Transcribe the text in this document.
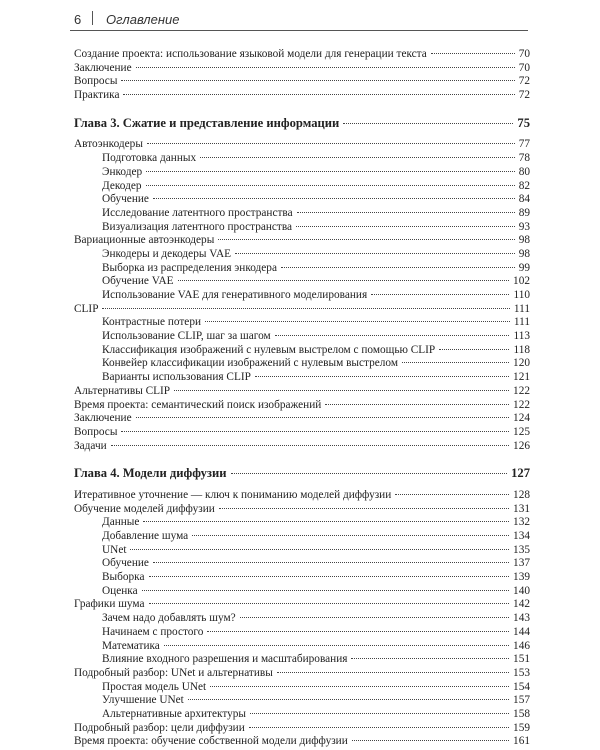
6 Оглавление
Создание проекта: использование языковой модели для генерации текста	70
Заключение	70
Вопросы	72
Практика	72
Глава 3. Сжатие и представление информации	75
Автоэнкодеры	77
Подготовка данных	78
Энкодер	80
Декодер	82
Обучение	84
Исследование латентного пространства	89
Визуализация латентного пространства	93
Вариационные автоэнкодеры	98
Энкодеры и декодеры VAE	98
Выборка из распределения энкодера	99
Обучение VAE	102
Использование VAE для генеративного моделирования	110
CLIP	111
Контрастные потери	111
Использование CLIP, шаг за шагом	113
Классификация изображений с нулевым выстрелом с помощью CLIP	118
Конвейер классификации изображений с нулевым выстрелом	120
Варианты использования CLIP	121
Альтернативы CLIP	122
Время проекта: семантический поиск изображений	122
Заключение	124
Вопросы	125
Задачи	126
Глава 4. Модели диффузии	127
Итеративное уточнение — ключ к пониманию моделей диффузии	128
Обучение моделей диффузии	131
Данные	132
Добавление шума	134
UNet	135
Обучение	137
Выборка	139
Оценка	140
Графики шума	142
Зачем надо добавлять шум?	143
Начинаем с простого	144
Математика	146
Влияние входного разрешения и масштабирования	151
Подробный разбор: UNet и альтернативы	153
Простая модель UNet	154
Улучшение UNet	157
Альтернативные архитектуры	158
Подробный разбор: цели диффузии	159
Время проекта: обучение собственной модели диффузии	161
